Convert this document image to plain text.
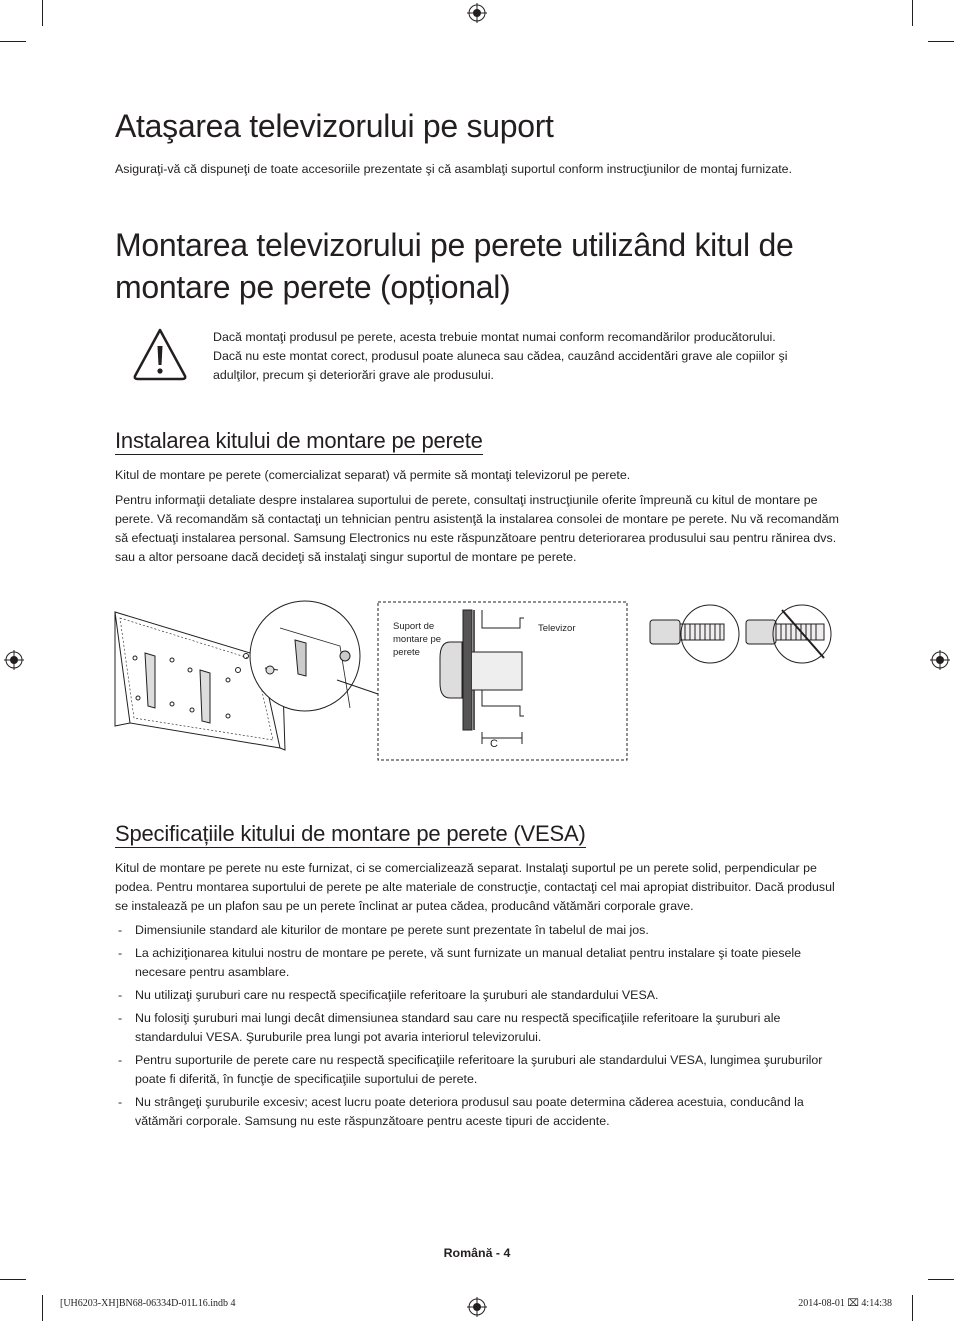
Ataşarea televizorului pe suport

Asiguraţi-vă că dispuneţi de toate accesoriile prezentate şi că asamblaţi suportul conform instrucţiunilor de montaj furnizate.

Montarea televizorului pe perete utilizând kitul de montare pe perete (opțional)
Dacă montaţi produsul pe perete, acesta trebuie montat numai conform recomandărilor producătorului.
Dacă nu este montat corect, produsul poate aluneca sau cădea, cauzând accidentări grave ale copiilor şi adulţilor, precum şi deteriorări grave ale produsului.
Instalarea kitului de montare pe perete

Kitul de montare pe perete (comercializat separat) vă permite să montaţi televizorul pe perete.

Pentru informaţii detaliate despre instalarea suportului de perete, consultaţi instrucţiunile oferite împreună cu kitul de montare pe perete. Vă recomandăm să contactaţi un tehnician pentru asistenţă la instalarea consolei de montare pe perete. Nu vă recomandăm să efectuaţi instalarea personal. Samsung Electronics nu este răspunzătoare pentru deteriorarea produsului sau pentru rănirea dvs. sau a altor persoane dacă decideţi să instalaţi singur suportul de montare pe perete.

Suport de
montare pe
perete
Televizor
C
Specificațiile kitului de montare pe perete (VESA)

Kitul de montare pe perete nu este furnizat, ci se comercializează separat. Instalaţi suportul pe un perete solid, perpendicular pe podea. Pentru montarea suportului de perete pe alte materiale de construcţie, contactaţi cel mai apropiat distribuitor. Dacă produsul se instalează pe un plafon sau pe un perete înclinat ar putea cădea, producând vătămări corporale grave.

- Dimensiunile standard ale kiturilor de montare pe perete sunt prezentate în tabelul de mai jos.
- La achiziţionarea kitului nostru de montare pe perete, vă sunt furnizate un manual detaliat pentru instalare şi toate piesele necesare pentru asamblare.
- Nu utilizaţi şuruburi care nu respectă specificaţiile referitoare la şuruburi ale standardului VESA.
- Nu folosiţi şuruburi mai lungi decât dimensiunea standard sau care nu respectă specificaţiile referitoare la şuruburi ale standardului VESA. Şuruburile prea lungi pot avaria interiorul televizorului.
- Pentru suporturile de perete care nu respectă specificaţiile referitoare la şuruburi ale standardului VESA, lungimea şuruburilor poate fi diferită, în funcţie de specificaţiile suportului de perete.
- Nu strângeţi şuruburile excesiv; acest lucru poate deteriora produsul sau poate determina căderea acestuia, conducând la vătămări corporale. Samsung nu este răspunzătoare pentru aceste tipuri de accidente.
Română - 4
[UH6203-XH]BN68-06334D-01L16.indb 4	2014-08-01 ⌧ 4:14:38
